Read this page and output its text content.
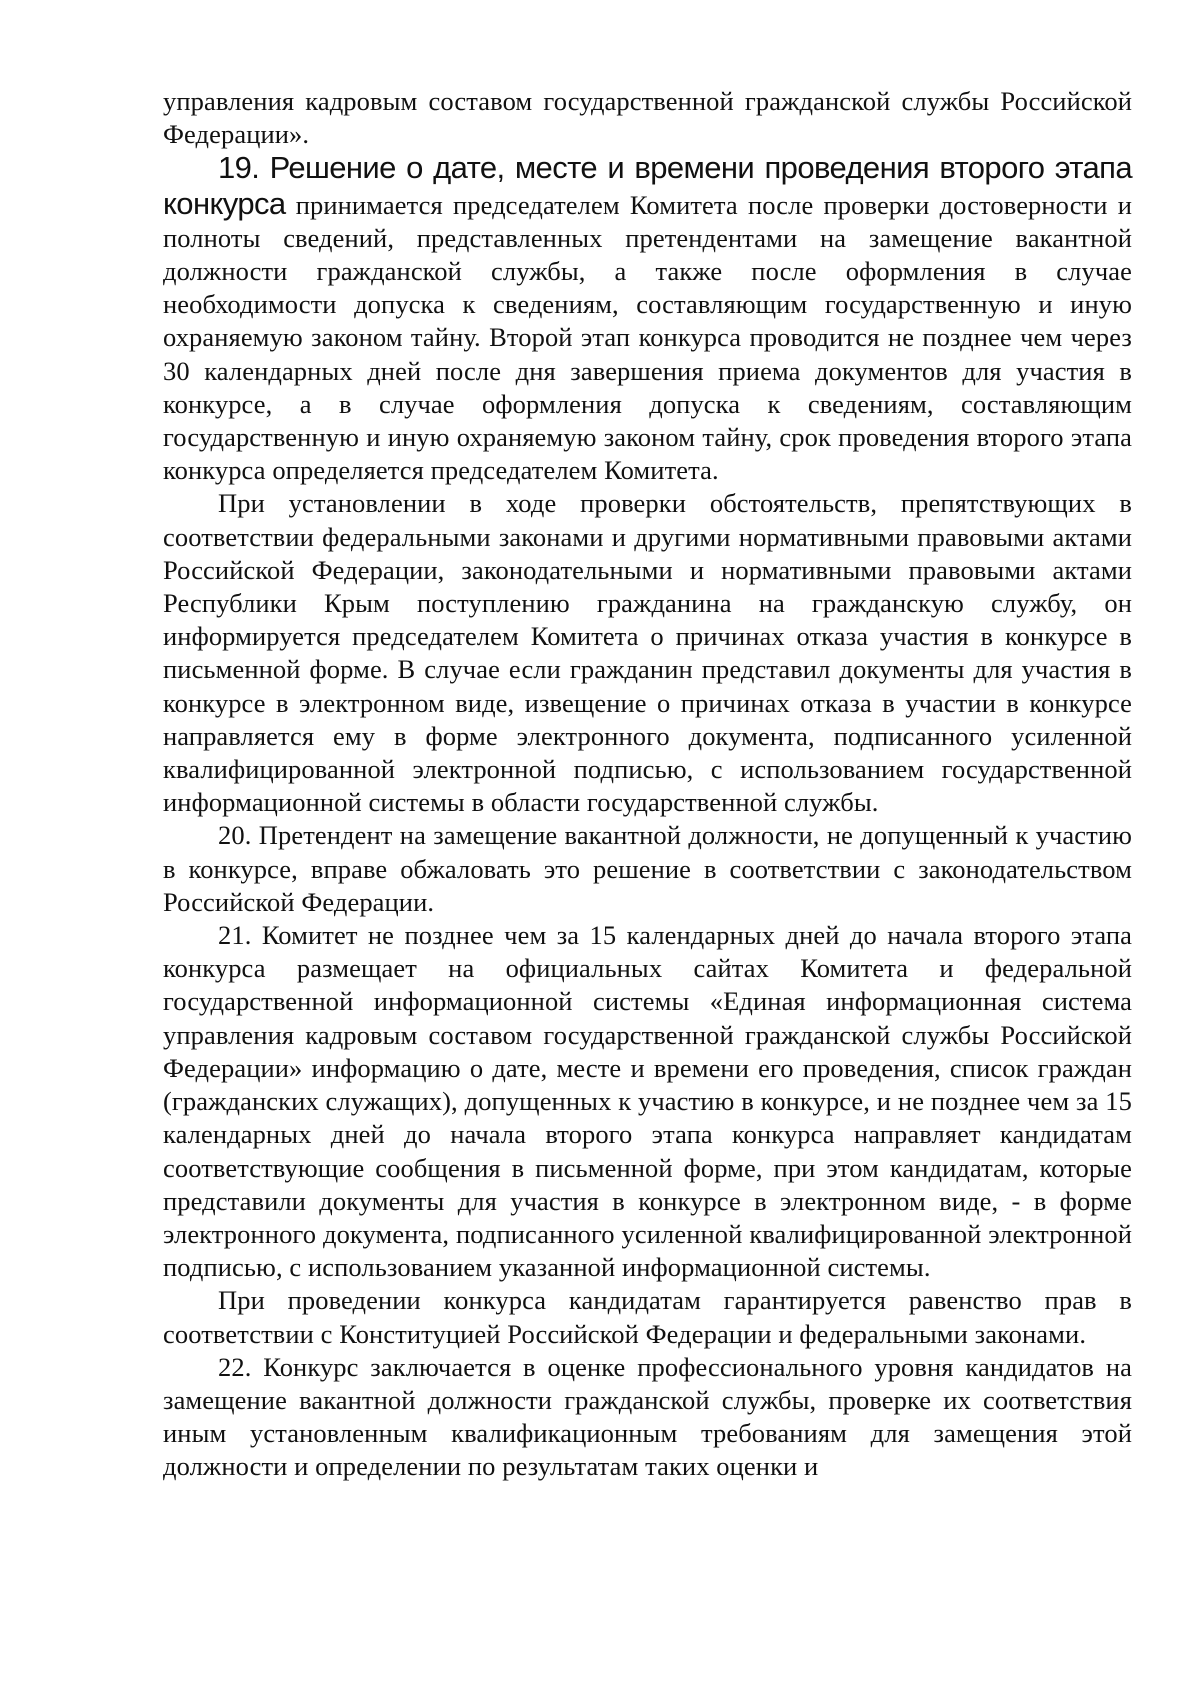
управления кадровым составом государственной гражданской службы Российской Федерации».

19. Решение о дате, месте и времени проведения второго этапа конкурса принимается председателем Комитета после проверки достоверности и полноты сведений, представленных претендентами на замещение вакантной должности гражданской службы, а также после оформления в случае необходимости допуска к сведениям, составляющим государственную и иную охраняемую законом тайну. Второй этап конкурса проводится не позднее чем через 30 календарных дней после дня завершения приема документов для участия в конкурсе, а в случае оформления допуска к сведениям, составляющим государственную и иную охраняемую законом тайну, срок проведения второго этапа конкурса определяется председателем Комитета.

При установлении в ходе проверки обстоятельств, препятствующих в соответствии федеральными законами и другими нормативными правовыми актами Российской Федерации, законодательными и нормативными правовыми актами Республики Крым поступлению гражданина на гражданскую службу, он информируется председателем Комитета о причинах отказа участия в конкурсе в письменной форме. В случае если гражданин представил документы для участия в конкурсе в электронном виде, извещение о причинах отказа в участии в конкурсе направляется ему в форме электронного документа, подписанного усиленной квалифицированной электронной подписью, с использованием государственной информационной системы в области государственной службы.

20. Претендент на замещение вакантной должности, не допущенный к участию в конкурсе, вправе обжаловать это решение в соответствии с законодательством Российской Федерации.

21. Комитет не позднее чем за 15 календарных дней до начала второго этапа конкурса размещает на официальных сайтах Комитета и федеральной государственной информационной системы «Единая информационная система управления кадровым составом государственной гражданской службы Российской Федерации» информацию о дате, месте и времени его проведения, список граждан (гражданских служащих), допущенных к участию в конкурсе, и не позднее чем за 15 календарных дней до начала второго этапа конкурса направляет кандидатам соответствующие сообщения в письменной форме, при этом кандидатам, которые представили документы для участия в конкурсе в электронном виде, - в форме электронного документа, подписанного усиленной квалифицированной электронной подписью, с использованием указанной информационной системы.

При проведении конкурса кандидатам гарантируется равенство прав в соответствии с Конституцией Российской Федерации и федеральными законами.

22. Конкурс заключается в оценке профессионального уровня кандидатов на замещение вакантной должности гражданской службы, проверке их соответствия иным установленным квалификационным требованиям для замещения этой должности и определении по результатам таких оценки и
